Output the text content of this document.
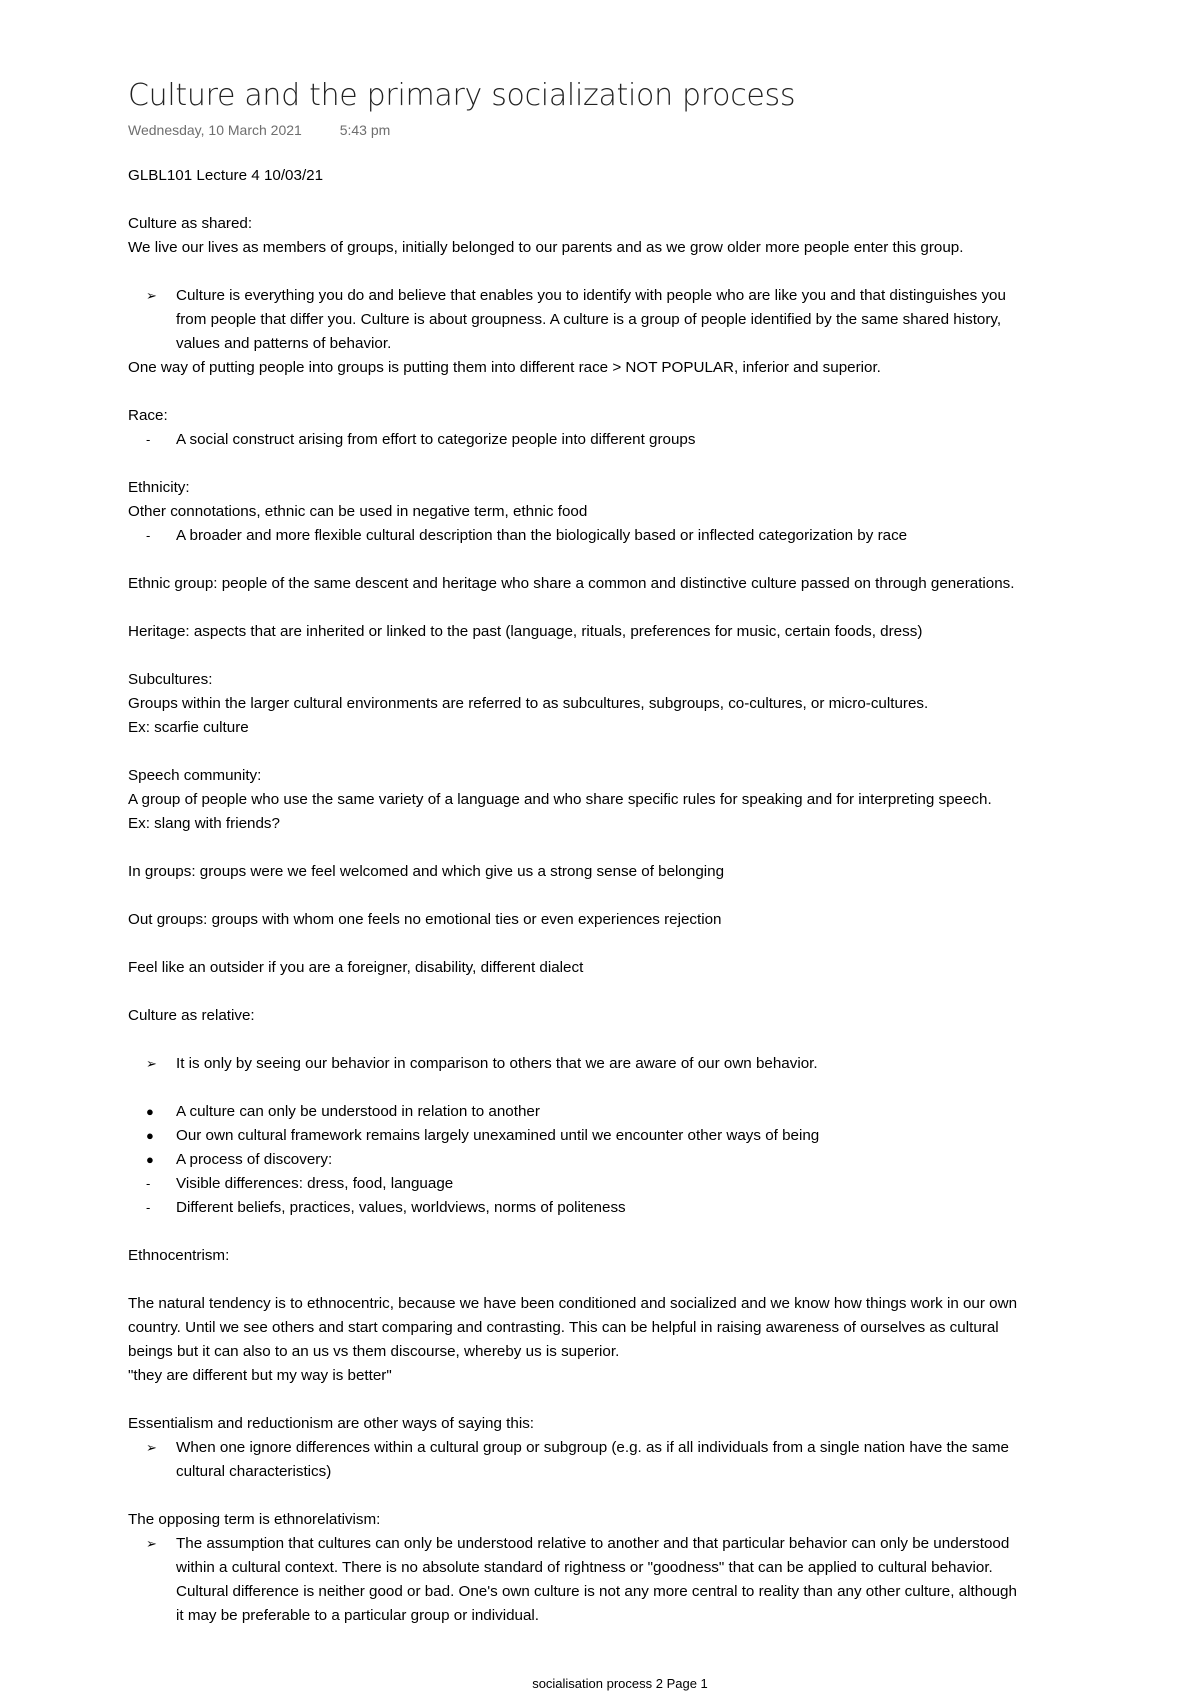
Culture and the primary socialization process
Wednesday, 10 March 2021	5:43 pm
GLBL101 Lecture 4 10/03/21
Culture as shared:
We live our lives as members of groups, initially belonged to our parents and as we grow older more people enter this group.
➢	Culture is everything you do and believe that enables you to identify with people who are like you and that distinguishes you
from people that differ you. Culture is about groupness. A culture is a group of people identified by the same shared history,
values and patterns of behavior.
One way of putting people into groups is putting them into different race > NOT POPULAR, inferior and superior.
Race:
-	A social construct arising from effort to categorize people into different groups
Ethnicity:
Other connotations, ethnic can be used in negative term, ethnic food
-	A broader and more flexible cultural description than the biologically based or inflected categorization by race
Ethnic group: people of the same descent and heritage who share a common and distinctive culture passed on through generations.
Heritage: aspects that are inherited or linked to the past (language, rituals, preferences for music, certain foods, dress)
Subcultures:
Groups within the larger cultural environments are referred to as subcultures, subgroups, co-cultures, or micro-cultures.
Ex: scarfie culture
Speech community:
A group of people who use the same variety of a language and who share specific rules for speaking and for interpreting speech.
Ex: slang with friends?
In groups: groups were we feel welcomed and which give us a strong sense of belonging
Out groups: groups with whom one feels no emotional ties or even experiences rejection
Feel like an outsider if you are a foreigner, disability, different dialect
Culture as relative:
➢	It is only by seeing our behavior in comparison to others that we are aware of our own behavior.
●	A culture can only be understood in relation to another
●	Our own cultural framework remains largely unexamined until we encounter other ways of being
●	A process of discovery:
-	Visible differences: dress, food, language
-	Different beliefs, practices, values, worldviews, norms of politeness
Ethnocentrism:
The natural tendency is to ethnocentric, because we have been conditioned and socialized and we know how things work in our own
country. Until we see others and start comparing and contrasting. This can be helpful in raising awareness of ourselves as cultural
beings but it can also to an us vs them discourse, whereby us is superior.
"they are different but my way is better"
Essentialism and reductionism are other ways of saying this:
➢	When one ignore differences within a cultural group or subgroup (e.g. as if all individuals from a single nation have the same
cultural characteristics)
The opposing term is ethnorelativism:
➢	The assumption that cultures can only be understood relative to another and that particular behavior can only be understood
within a cultural context. There is no absolute standard of rightness or "goodness" that can be applied to cultural behavior.
Cultural difference is neither good or bad. One's own culture is not any more central to reality than any other culture, although
it may be preferable to a particular group or individual.
socialisation process 2 Page 1
